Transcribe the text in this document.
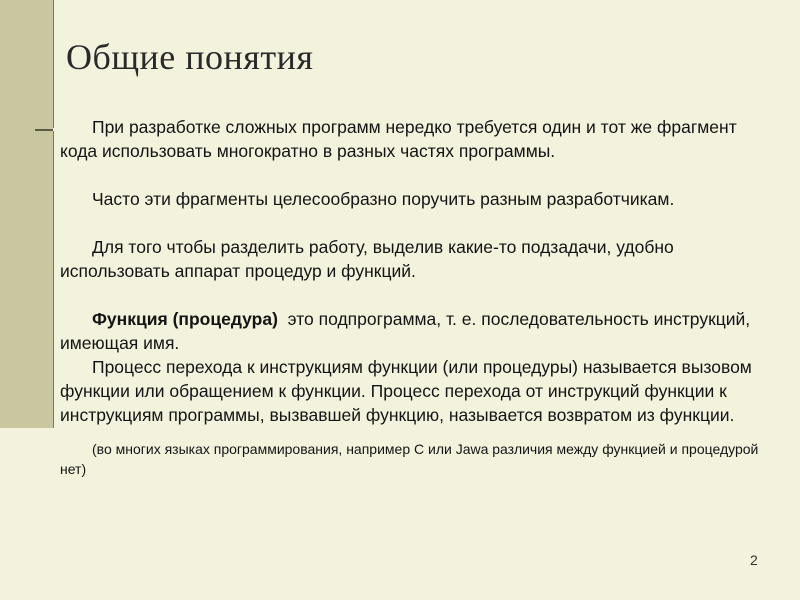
Общие понятия

При разработке сложных программ нередко требуется один и тот же фрагмент кода использовать многократно в разных частях программы.

Часто эти фрагменты целесообразно поручить разным разработчикам.

Для того чтобы разделить работу, выделив какие-то подзадачи, удобно использовать аппарат процедур и функций.

Функция (процедура) это подпрограмма, т. е. последовательность инструкций, имеющая имя.

Процесс перехода к инструкциям функции (или процедуры) называется вызовом функции или обращением к функции. Процесс перехода от инструкций функции к инструкциям программы, вызвавшей функцию, называется возвратом из функции.

(во многих языках программирования, например C или Jawa различия между функцией и процедурой нет)

2
